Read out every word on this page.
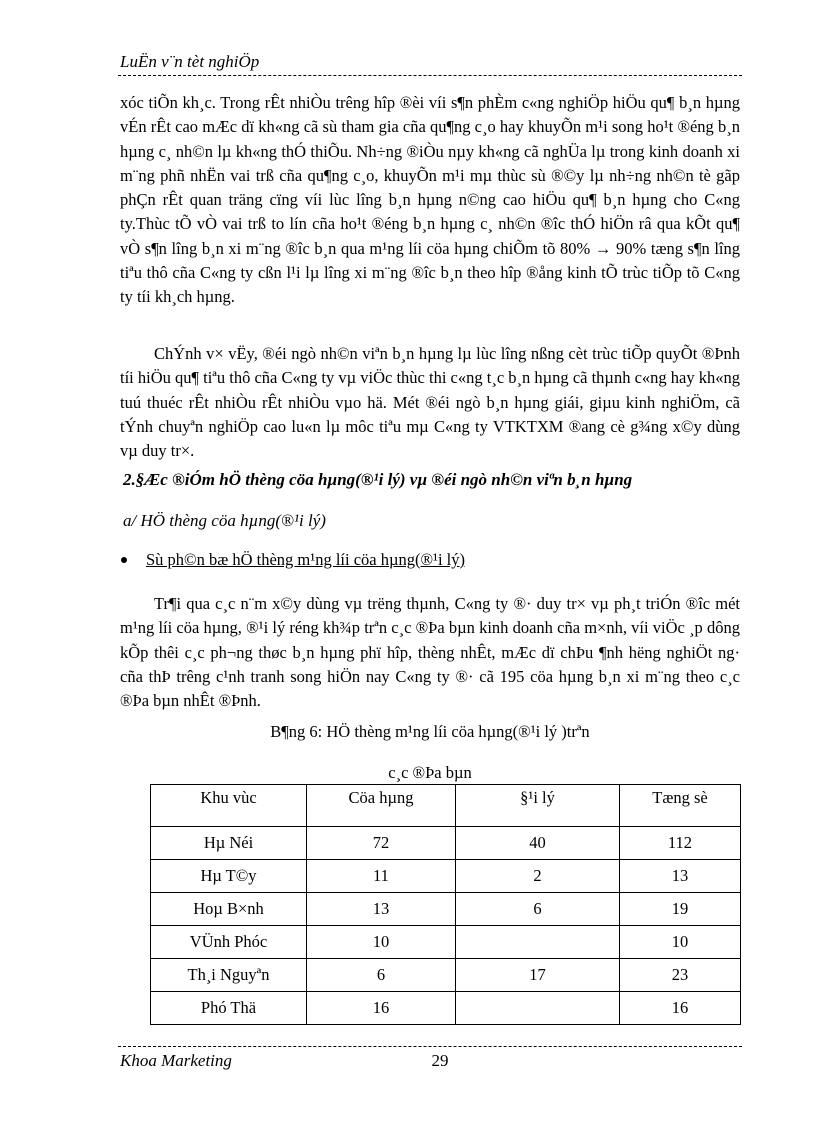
LuËn v¨n tèt nghiÖp

xóc tiÕn kh¸c. Trong rÊt nhiÒu trêng hîp ®èi víi s¶n phÈm c«ng nghiÖp hiÖu qu¶ b¸n hµng vÉn rÊt cao mÆc dï kh«ng cã sù tham gia cña qu¶ng c¸o hay khuyÕn m¹i song ho¹t ®éng b¸n hµng c¸ nh©n lµ kh«ng thÓ thiÕu. Nh÷ng ®iÒu nµy kh«ng cã nghÜa lµ trong kinh doanh xi m¨ng phñ nhËn vai trß cña qu¶ng c¸o, khuyÕn m¹i mµ thùc sù ®©y lµ nh÷ng nh©n tè gãp phÇn rÊt quan träng cïng víi lùc lîng b¸n hµng n©ng cao hiÖu qu¶ b¸n hµng cho C«ng ty.Thùc tÕ vÒ vai trß to lín cña ho¹t ®éng b¸n hµng c¸ nh©n ®îc thÓ hiÖn râ qua kÕt qu¶ vÒ s¶n lîng b¸n xi m¨ng ®îc b¸n qua m¹ng líi cöa hµng chiÕm tõ 80% → 90% tæng s¶n lîng tiªu thô cña C«ng ty cßn l¹i lµ lîng xi m¨ng ®îc b¸n theo hîp ®ång kinh tÕ trùc tiÕp tõ C«ng ty tíi kh¸ch hµng.

ChÝnh v× vËy, ®éi ngò nh©n viªn b¸n hµng lµ lùc lîng nßng cèt trùc tiÕp quyÕt ®Þnh tíi hiÖu qu¶ tiªu thô cña C«ng ty vµ viÖc thùc thi c«ng t¸c b¸n hµng cã thµnh c«ng hay kh«ng tuú thuéc rÊt nhiÒu rÊt nhiÒu vµo hä. Mét ®éi ngò b¸n hµng giái, giµu kinh nghiÖm, cã tÝnh chuyªn nghiÖp cao lu«n lµ môc tiªu mµ C«ng ty VTKTXM ®ang cè g¾ng x©y dùng vµ duy tr×.

2.§Æc ®iÓm hÖ thèng cöa hµng(®¹i lý) vµ ®éi ngò nh©n viªn b¸n hµng
a/ HÖ thèng cöa hµng(®¹i lý)
Sù ph©n bæ hÖ thèng m¹ng líi cöa hµng(®¹i lý)

Tr¶i qua c¸c n¨m x©y dùng vµ trëng thµnh, C«ng ty ®· duy tr× vµ ph¸t triÓn ®îc mét m¹ng líi cöa hµng, ®¹i lý réng kh¾p trªn c¸c ®Þa bµn kinh doanh cña m×nh, víi viÖc ¸p dông kÕp thêi c¸c ph¬ng thøc b¸n hµng phï hîp, thèng nhÊt, mÆc dï chÞu ¶nh hëng nghiÖt ng· cña thÞ trêng c¹nh tranh song hiÖn nay C«ng ty ®· cã 195 cöa hµng b¸n xi m¨ng theo c¸c ®Þa bµn nhÊt ®Þnh.

B¶ng 6: HÖ thèng m¹ng líi cöa hµng(®¹i lý )trªn
c¸c ®Þa bµn
Khu vùc	Cöa hµng	§¹i lý	Tæng sè
Hµ Néi	72	40	112
Hµ T©y	11	2	13
Hoµ B×nh	13	6	19
VÜnh Phóc	10		10
Th¸i Nguyªn	6	17	23
Phó Thä	16		16
Khoa Marketing	29
